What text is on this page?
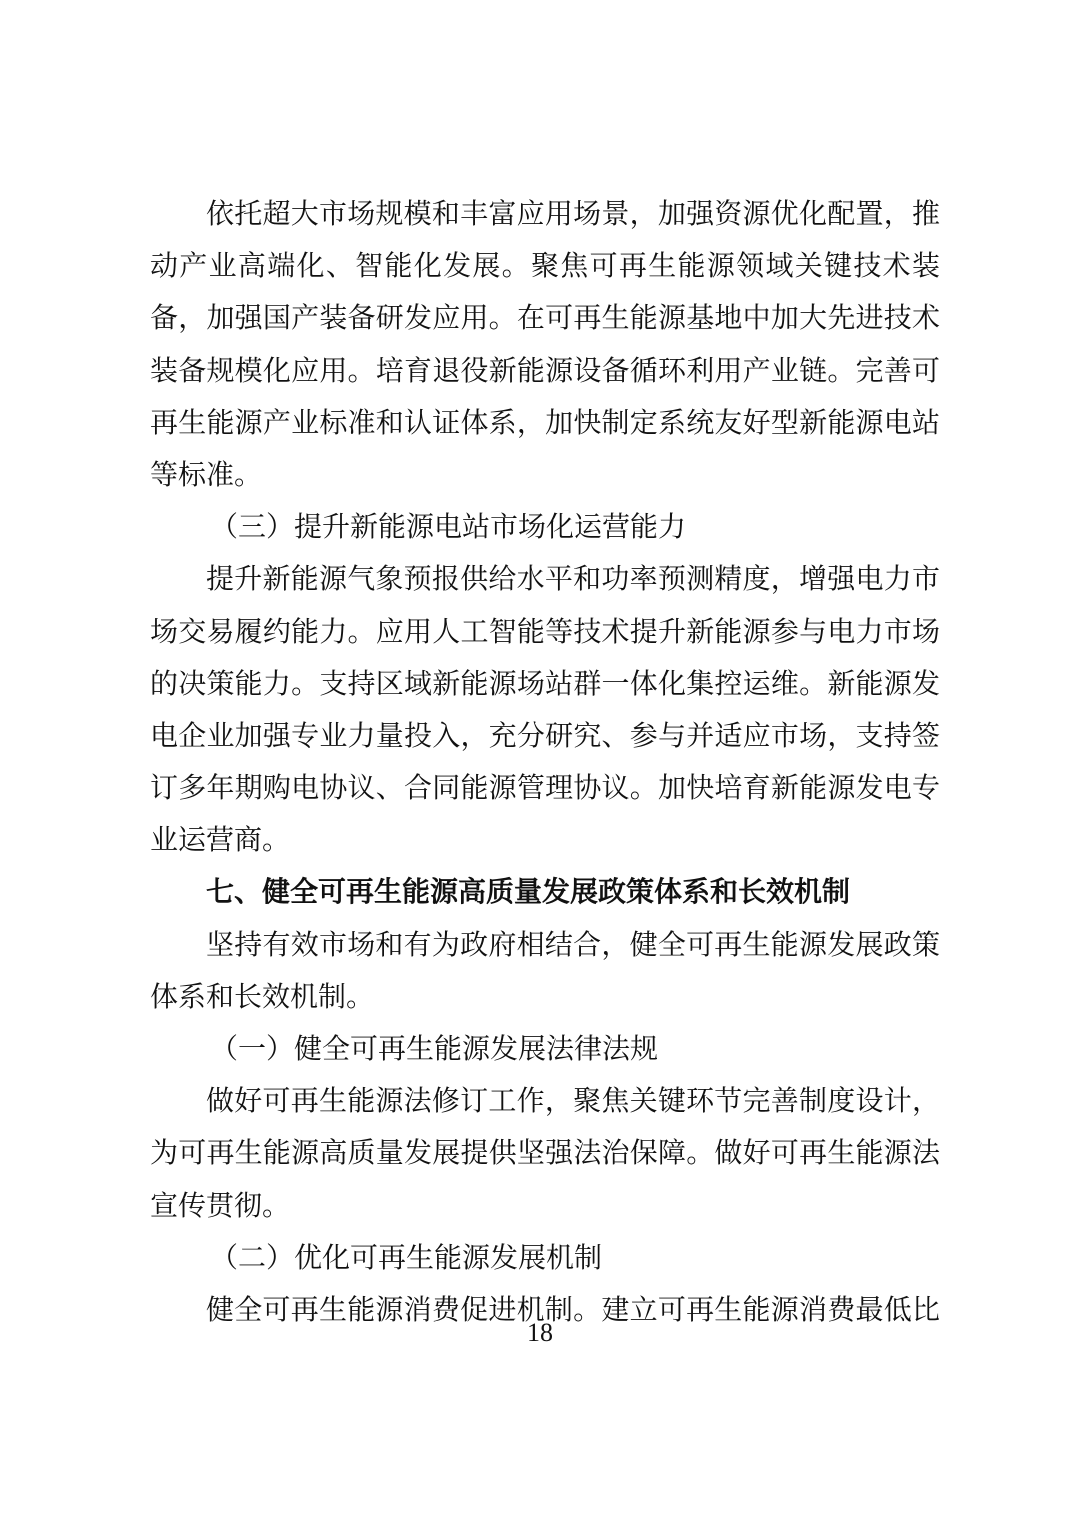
依托超大市场规模和丰富应用场景，加强资源优化配置，推
动产业高端化、智能化发展。聚焦可再生能源领域关键技术装
备，加强国产装备研发应用。在可再生能源基地中加大先进技术
装备规模化应用。培育退役新能源设备循环利用产业链。完善可
再生能源产业标准和认证体系，加快制定系统友好型新能源电站
等标准。
（三）提升新能源电站市场化运营能力
提升新能源气象预报供给水平和功率预测精度，增强电力市
场交易履约能力。应用人工智能等技术提升新能源参与电力市场
的决策能力。支持区域新能源场站群一体化集控运维。新能源发
电企业加强专业力量投入，充分研究、参与并适应市场，支持签
订多年期购电协议、合同能源管理协议。加快培育新能源发电专
业运营商。
七、健全可再生能源高质量发展政策体系和长效机制
坚持有效市场和有为政府相结合，健全可再生能源发展政策
体系和长效机制。
（一）健全可再生能源发展法律法规
做好可再生能源法修订工作，聚焦关键环节完善制度设计，
为可再生能源高质量发展提供坚强法治保障。做好可再生能源法
宣传贯彻。
（二）优化可再生能源发展机制
健全可再生能源消费促进机制。建立可再生能源消费最低比
18
